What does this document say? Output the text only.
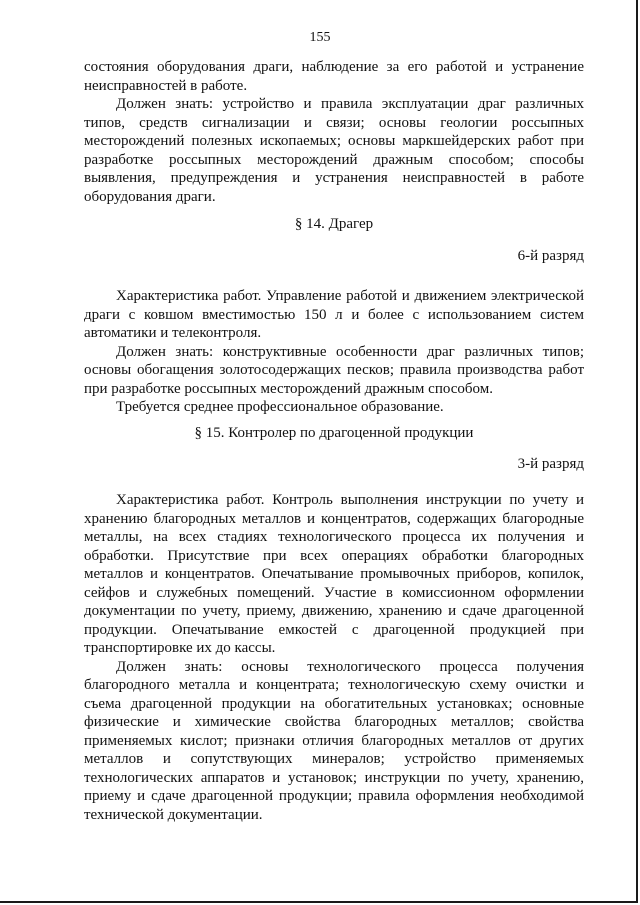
155

состояния оборудования драги, наблюдение за его работой и устранение неисправностей в работе.

Должен знать: устройство и правила эксплуатации драг различных типов, средств сигнализации и связи; основы геологии россыпных месторождений полезных ископаемых; основы маркшейдерских работ при разработке россыпных месторождений дражным способом; способы выявления, предупреждения и устранения неисправностей в работе оборудования драги.

§ 14. Драгер
6-й разряд

Характеристика работ. Управление работой и движением электрической драги с ковшом вместимостью 150 л и более с использованием систем автоматики и телеконтроля.

Должен знать: конструктивные особенности драг различных типов; основы обогащения золотосодержащих песков; правила производства работ при разработке россыпных месторождений дражным способом.

Требуется среднее профессиональное образование.

§ 15. Контролер по драгоценной продукции
3-й разряд

Характеристика работ. Контроль выполнения инструкции по учету и хранению благородных металлов и концентратов, содержащих благородные металлы, на всех стадиях технологического процесса их получения и обработки. Присутствие при всех операциях обработки благородных металлов и концентратов. Опечатывание промывочных приборов, копилок, сейфов и служебных помещений. Участие в комиссионном оформлении документации по учету, приему, движению, хранению и сдаче драгоценной продукции. Опечатывание емкостей с драгоценной продукцией при транспортировке их до кассы.

Должен знать: основы технологического процесса получения благородного металла и концентрата; технологическую схему очистки и съема драгоценной продукции на обогатительных установках; основные физические и химические свойства благородных металлов; свойства применяемых кислот; признаки отличия благородных металлов от других металлов и сопутствующих минералов; устройство применяемых технологических аппаратов и установок; инструкции по учету, хранению, приему и сдаче драгоценной продукции; правила оформления необходимой технической документации.
